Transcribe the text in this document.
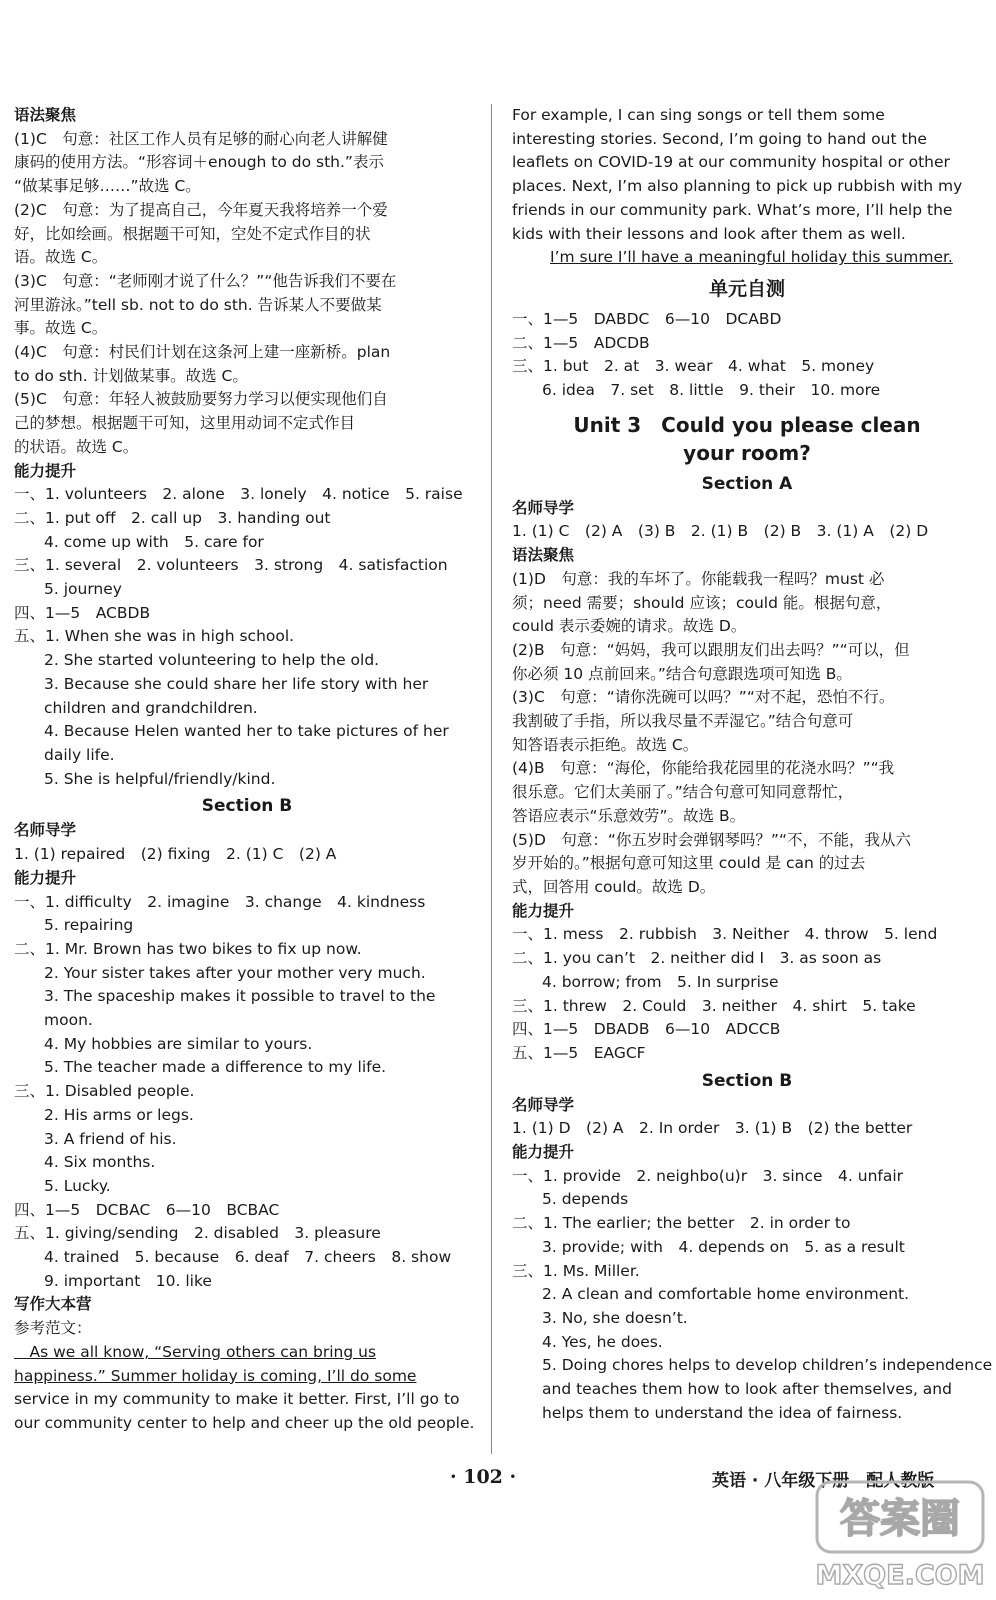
语法聚焦
(1)C　句意：社区工作人员有足够的耐心向老人讲解健
康码的使用方法。“形容词＋enough to do sth.”表示
“做某事足够……”故选 C。
(2)C　句意：为了提高自己，今年夏天我将培养一个爱
好，比如绘画。根据题干可知，空处不定式作目的状
语。故选 C。
(3)C　句意：“老师刚才说了什么？”“他告诉我们不要在
河里游泳。”tell sb. not to do sth. 告诉某人不要做某
事。故选 C。
(4)C　句意：村民们计划在这条河上建一座新桥。plan
to do sth. 计划做某事。故选 C。
(5)C　句意：年轻人被鼓励要努力学习以便实现他们自
己的梦想。根据题干可知，这里用动词不定式作目
的状语。故选 C。
能力提升
一、1. volunteers　2. alone　3. lonely　4. notice　5. raise
二、1. put off　2. call up　3. handing out
4. come up with　5. care for
三、1. several　2. volunteers　3. strong　4. satisfaction
5. journey
四、1—5　ACBDB
五、1. When she was in high school.
2. She started volunteering to help the old.
3. Because she could share her life story with her
children and grandchildren.
4. Because Helen wanted her to take pictures of her
daily life.
5. She is helpful/friendly/kind.
Section B
名师导学
1. (1) repaired　(2) fixing　2. (1) C　(2) A
能力提升
一、1. difficulty　2. imagine　3. change　4. kindness
5. repairing
二、1. Mr. Brown has two bikes to fix up now.
2. Your sister takes after your mother very much.
3. The spaceship makes it possible to travel to the
moon.
4. My hobbies are similar to yours.
5. The teacher made a difference to my life.
三、1. Disabled people.
2. His arms or legs.
3. A friend of his.
4. Six months.
5. Lucky.
四、1—5　DCBAC　6—10　BCBAC
五、1. giving/sending　2. disabled　3. pleasure
4. trained　5. because　6. deaf　7. cheers　8. show
9. important　10. like
写作大本营
参考范文：
　As we all know, “Serving others can bring us
happiness.” Summer holiday is coming, I’ll do some
service in my community to make it better. First, I’ll go to
our community center to help and cheer up the old people.
For example, I can sing songs or tell them some
interesting stories. Second, I’m going to hand out the
leaflets on COVID-19 at our community hospital or other
places. Next, I’m also planning to pick up rubbish with my
friends in our community park. What’s more, I’ll help the
kids with their lessons and look after them as well.
I’m sure I’ll have a meaningful holiday this summer.
单元自测
一、1—5　DABDC　6—10　DCABD
二、1—5　ADCDB
三、1. but　2. at　3. wear　4. what　5. money
6. idea　7. set　8. little　9. their　10. more
Unit 3　Could you please clean
your room?
Section A
名师导学
1. (1) C　(2) A　(3) B　2. (1) B　(2) B　3. (1) A　(2) D
语法聚焦
(1)D　句意：我的车坏了。你能载我一程吗？must 必
须；need 需要；should 应该；could 能。根据句意，
could 表示委婉的请求。故选 D。
(2)B　句意：“妈妈，我可以跟朋友们出去吗？”“可以，但
你必须 10 点前回来。”结合句意跟选项可知选 B。
(3)C　句意：“请你洗碗可以吗？”“对不起，恐怕不行。
我割破了手指，所以我尽量不弄湿它。”结合句意可
知答语表示拒绝。故选 C。
(4)B　句意：“海伦，你能给我花园里的花浇水吗？”“我
很乐意。它们太美丽了。”结合句意可知同意帮忙，
答语应表示“乐意效劳”。故选 B。
(5)D　句意：“你五岁时会弹钢琴吗？”“不，不能，我从六
岁开始的。”根据句意可知这里 could 是 can 的过去
式，回答用 could。故选 D。
能力提升
一、1. mess　2. rubbish　3. Neither　4. throw　5. lend
二、1. you can’t　2. neither did I　3. as soon as
4. borrow; from　5. In surprise
三、1. threw　2. Could　3. neither　4. shirt　5. take
四、1—5　DBADB　6—10　ADCCB
五、1—5　EAGCF
Section B
名师导学
1. (1) D　(2) A　2. In order　3. (1) B　(2) the better
能力提升
一、1. provide　2. neighbo(u)r　3. since　4. unfair
5. depends
二、1. The earlier; the better　2. in order to
3. provide; with　4. depends on　5. as a result
三、1. Ms. Miller.
2. A clean and comfortable home environment.
3. No, she doesn’t.
4. Yes, he does.
5. Doing chores helps to develop children’s independence
and teaches them how to look after themselves, and
helps them to understand the idea of fairness.
· 102 ·	英语 · 八年级下册　配人教版
答案圈
MXQE.COM
